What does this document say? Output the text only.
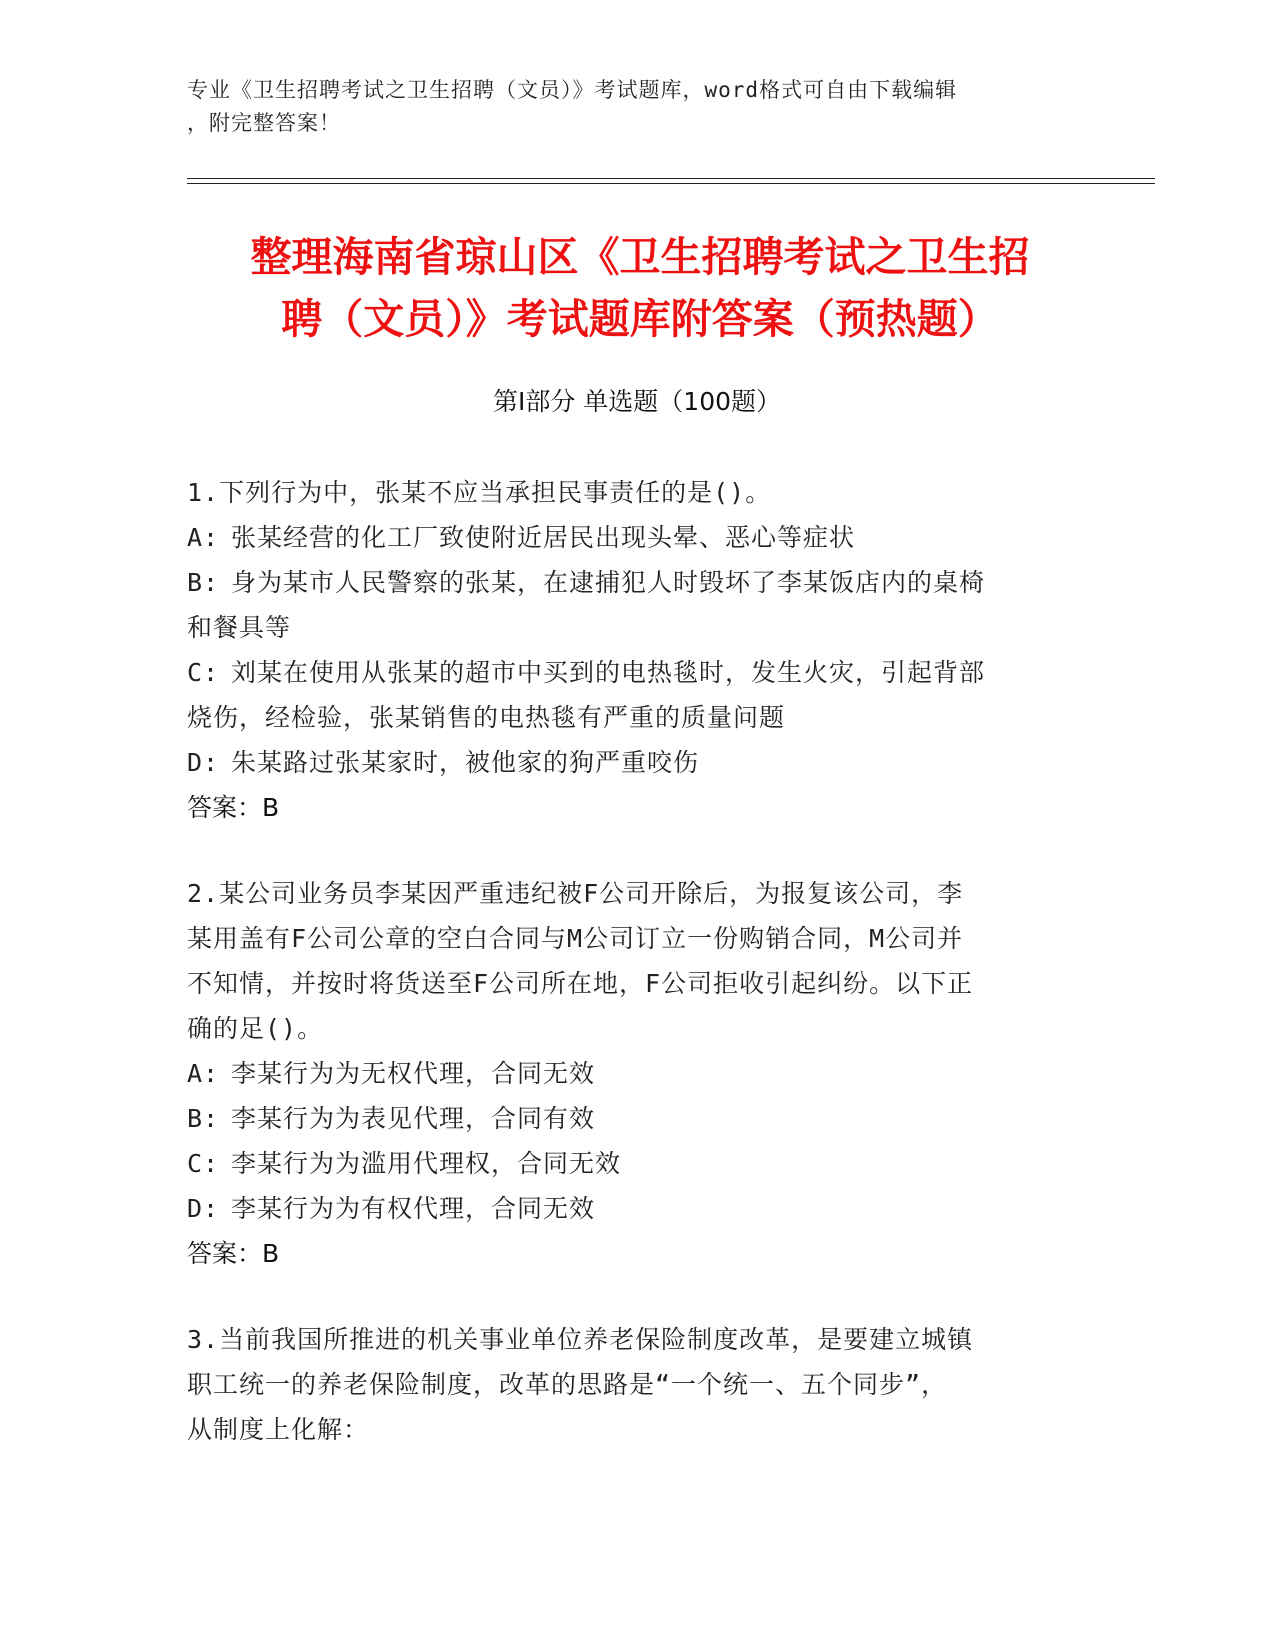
专业《卫生招聘考试之卫生招聘（文员）》考试题库，word格式可自由下载编辑
，附完整答案！
整理海南省琼山区《卫生招聘考试之卫生招
聘（文员）》考试题库附答案（预热题）
第Ⅰ部分 单选题（100题）
1.下列行为中，张某不应当承担民事责任的是()。
A: 张某经营的化工厂致使附近居民出现头晕、恶心等症状
B: 身为某市人民警察的张某，在逮捕犯人时毁坏了李某饭店内的桌椅
和餐具等
C: 刘某在使用从张某的超市中买到的电热毯时，发生火灾，引起背部
烧伤，经检验，张某销售的电热毯有严重的质量问题
D: 朱某路过张某家时，被他家的狗严重咬伤
答案：B
2.某公司业务员李某因严重违纪被F公司开除后，为报复该公司，李
某用盖有F公司公章的空白合同与M公司订立一份购销合同，M公司并
不知情，并按时将货送至F公司所在地，F公司拒收引起纠纷。以下正
确的足()。
A: 李某行为为无权代理，合同无效
B: 李某行为为表见代理，合同有效
C: 李某行为为滥用代理权，合同无效
D: 李某行为为有权代理，合同无效
答案：B
3.当前我国所推进的机关事业单位养老保险制度改革，是要建立城镇
职工统一的养老保险制度，改革的思路是“一个统一、五个同步”，
从制度上化解：
